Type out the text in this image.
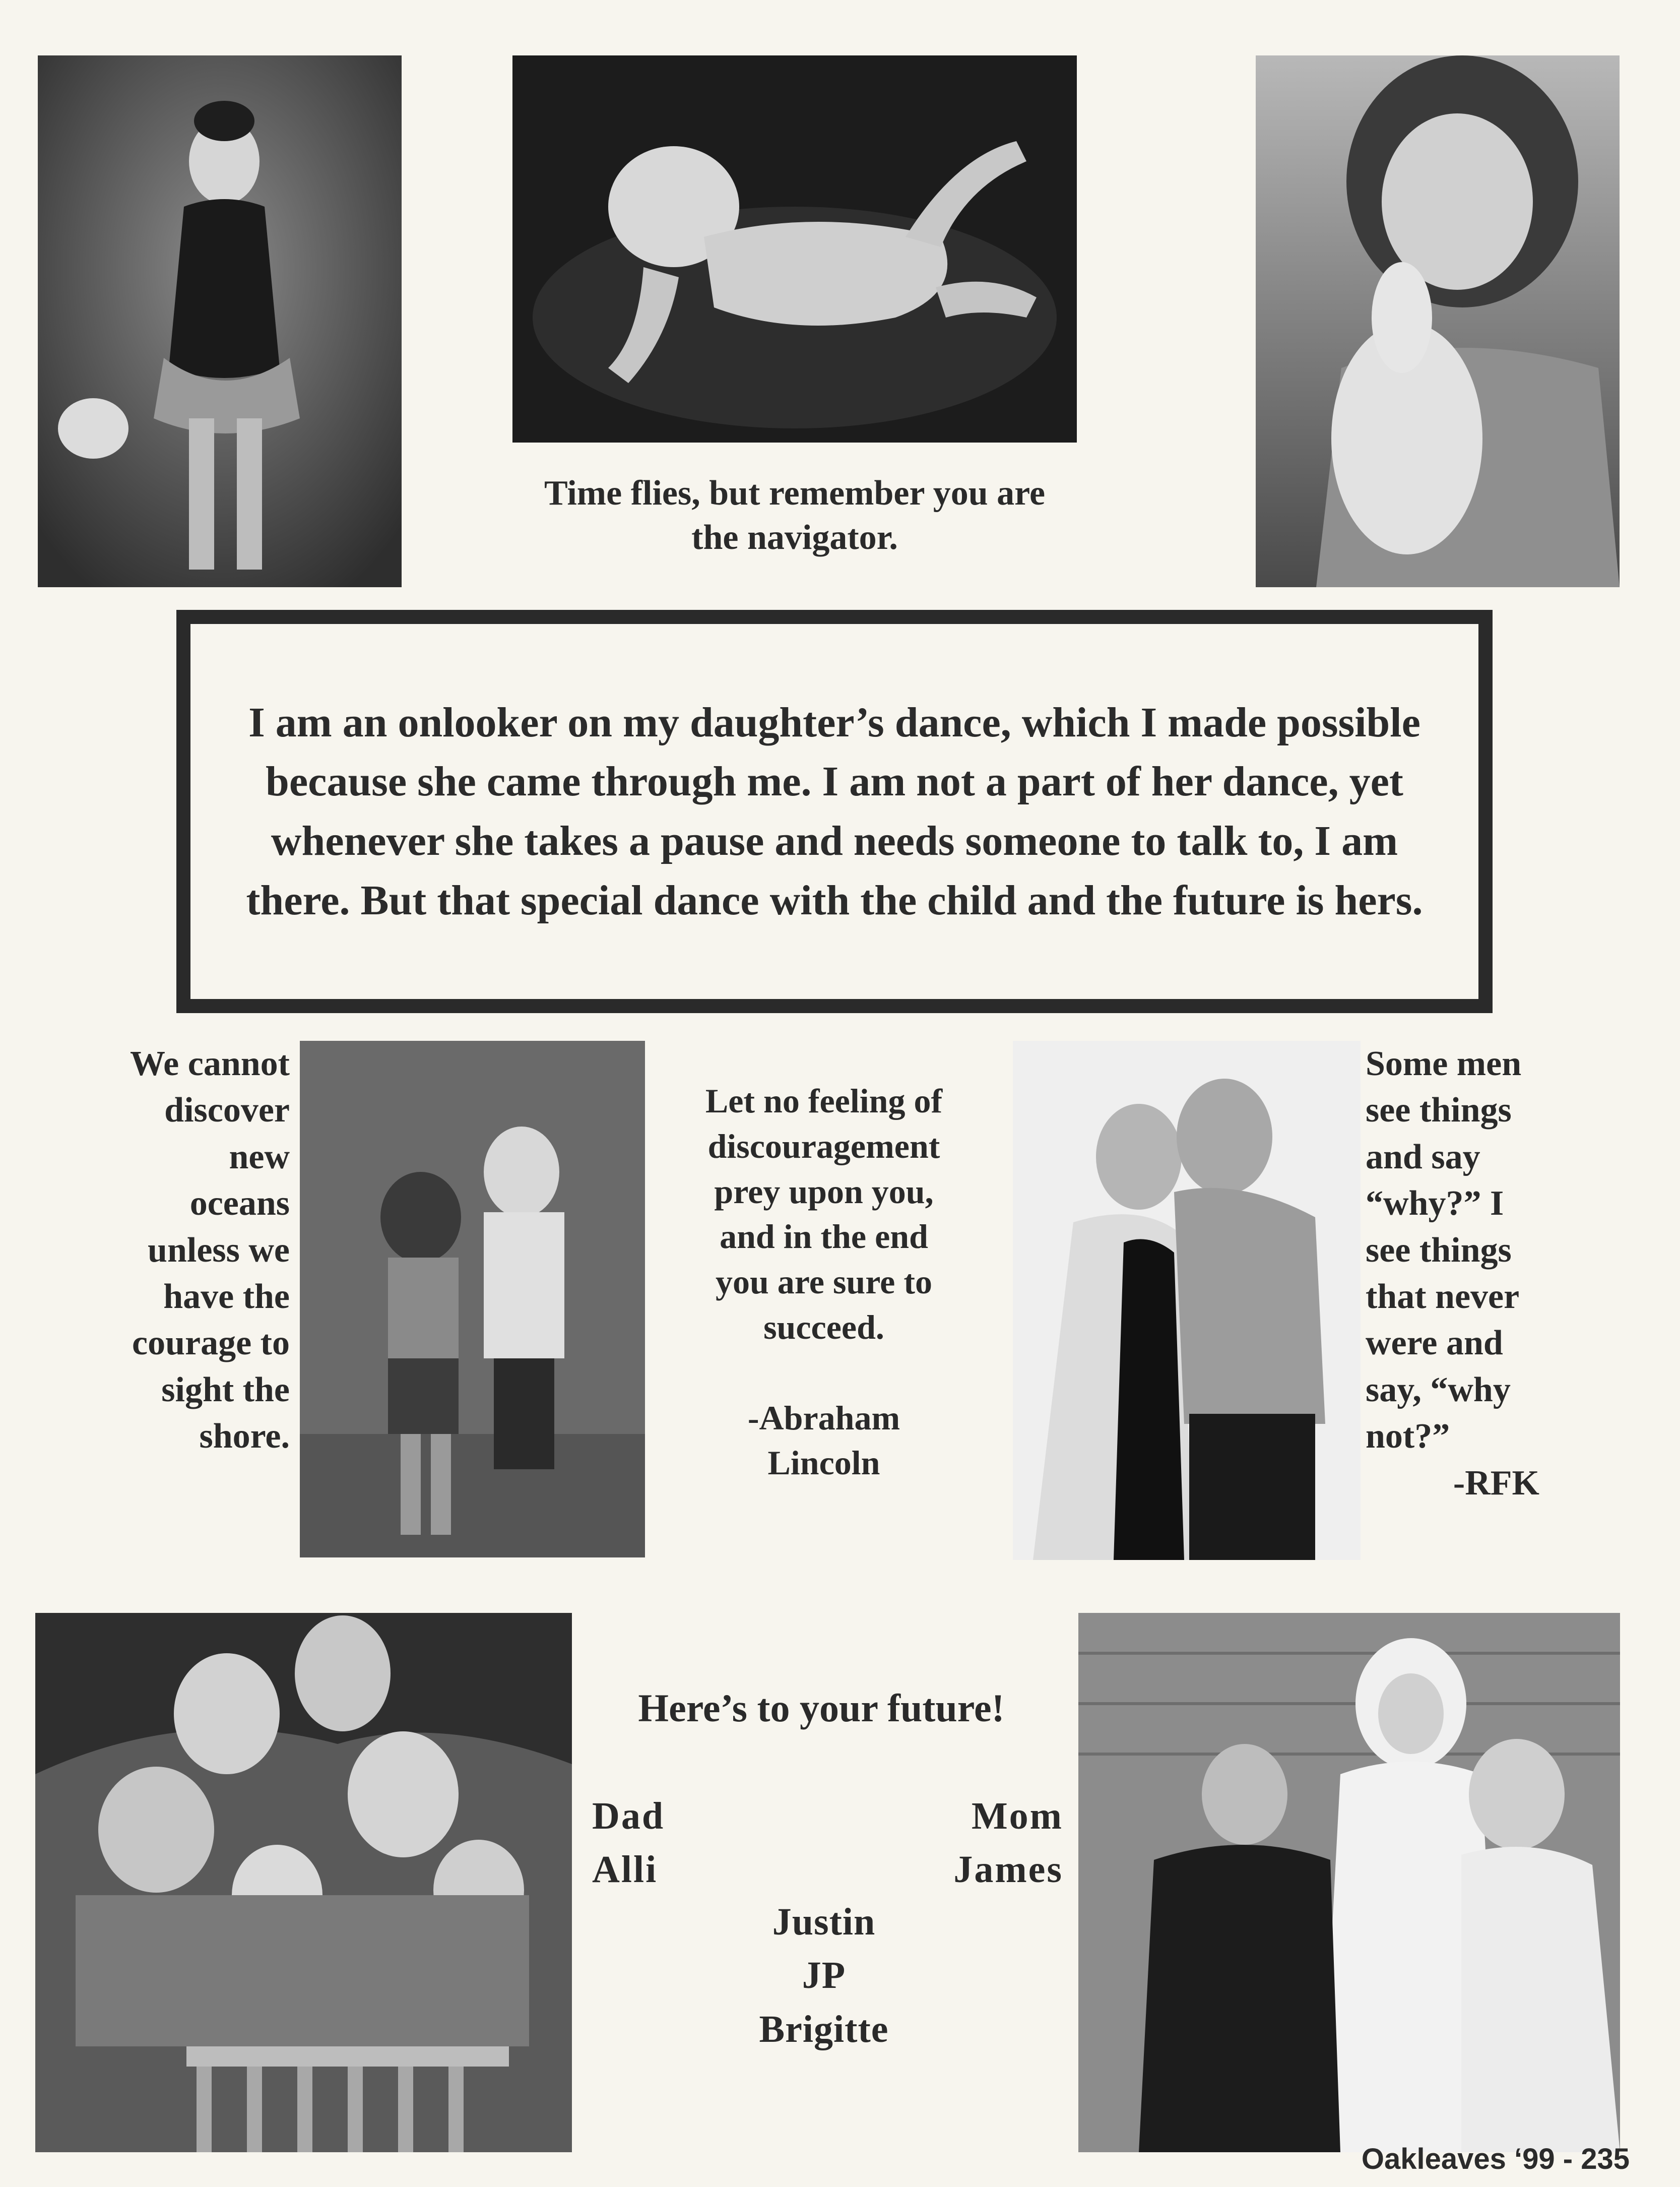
Time flies, but remember you are
the navigator.

I am an onlooker on my daughter’s dance, which I made possible because she came through me. I am not a part of her dance, yet whenever she takes a pause and needs someone to talk to, I am there. But that special dance with the child and the future is hers.

We cannot
discover
new
oceans
unless we
have the
courage to
sight the
shore.

Let no feeling of
discouragement
prey upon you,
and in the end
you are sure to
succeed.
-Abraham
Lincoln

Some men
see things
and say
“why?” I
see things
that never
were and
say, “why
not?”
-RFK

Here’s to your future!

Dad
Alli

Mom
James

Justin
JP
Brigitte

Oakleaves ‘99 - 235
